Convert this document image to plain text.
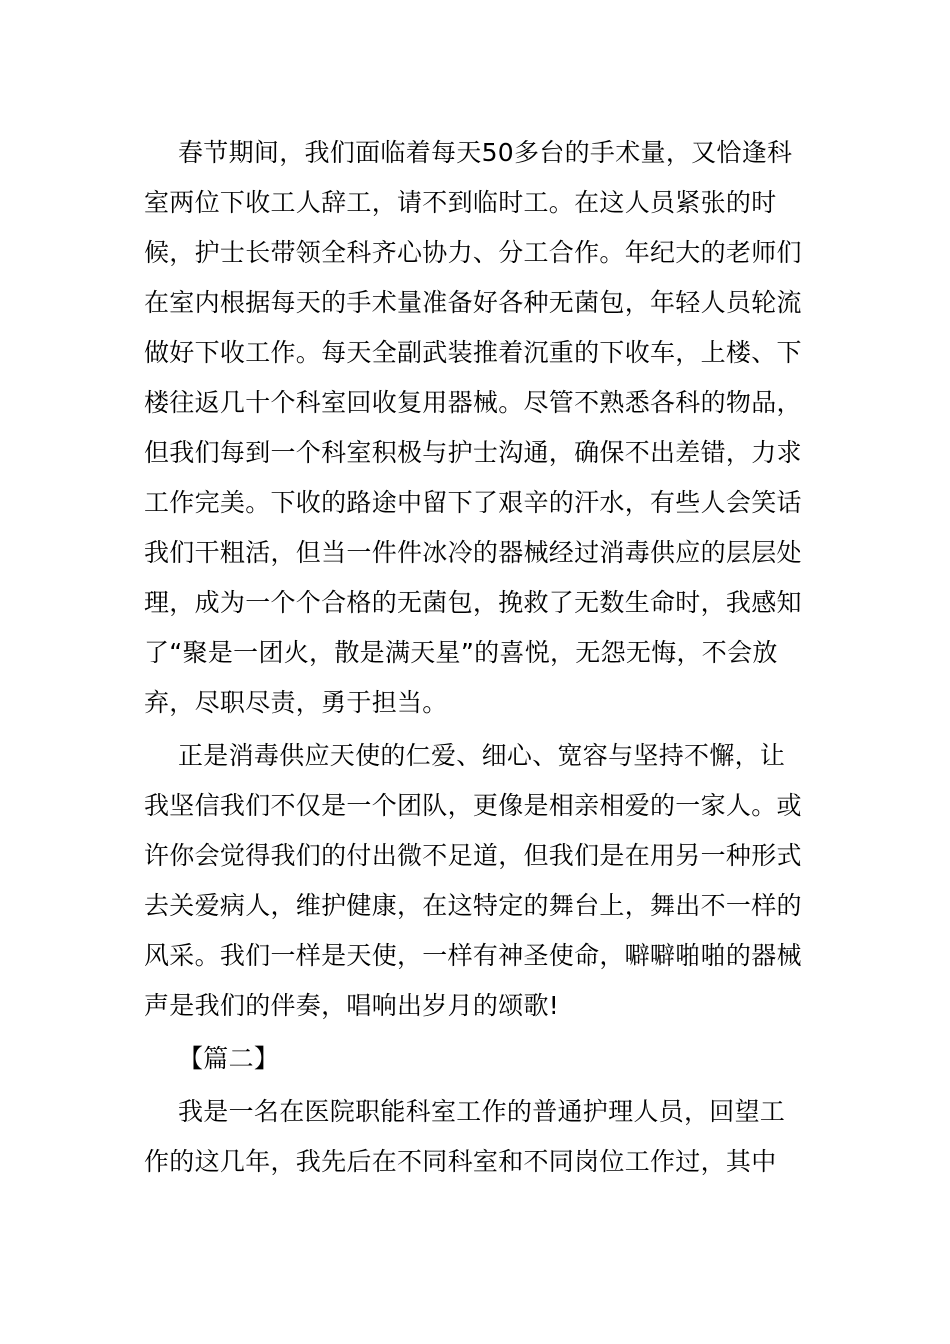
春节期间，我们面临着每天50多台的手术量，又恰逢科室两位下收工人辞工，请不到临时工。在这人员紧张的时候，护士长带领全科齐心协力、分工合作。年纪大的老师们在室内根据每天的手术量准备好各种无菌包，年轻人员轮流做好下收工作。每天全副武装推着沉重的下收车，上楼、下楼往返几十个科室回收复用器械。尽管不熟悉各科的物品，但我们每到一个科室积极与护士沟通，确保不出差错，力求工作完美。下收的路途中留下了艰辛的汗水，有些人会笑话我们干粗活，但当一件件冰冷的器械经过消毒供应的层层处理，成为一个个合格的无菌包，挽救了无数生命时，我感知了“聚是一团火，散是满天星”的喜悦，无怨无悔，不会放弃，尽职尽责，勇于担当。

正是消毒供应天使的仁爱、细心、宽容与坚持不懈，让我坚信我们不仅是一个团队，更像是相亲相爱的一家人。或许你会觉得我们的付出微不足道，但我们是在用另一种形式去关爱病人，维护健康，在这特定的舞台上，舞出不一样的风采。我们一样是天使，一样有神圣使命，噼噼啪啪的器械声是我们的伴奏，唱响出岁月的颂歌!

【篇二】

我是一名在医院职能科室工作的普通护理人员，回望工作的这几年，我先后在不同科室和不同岗位工作过，其中
